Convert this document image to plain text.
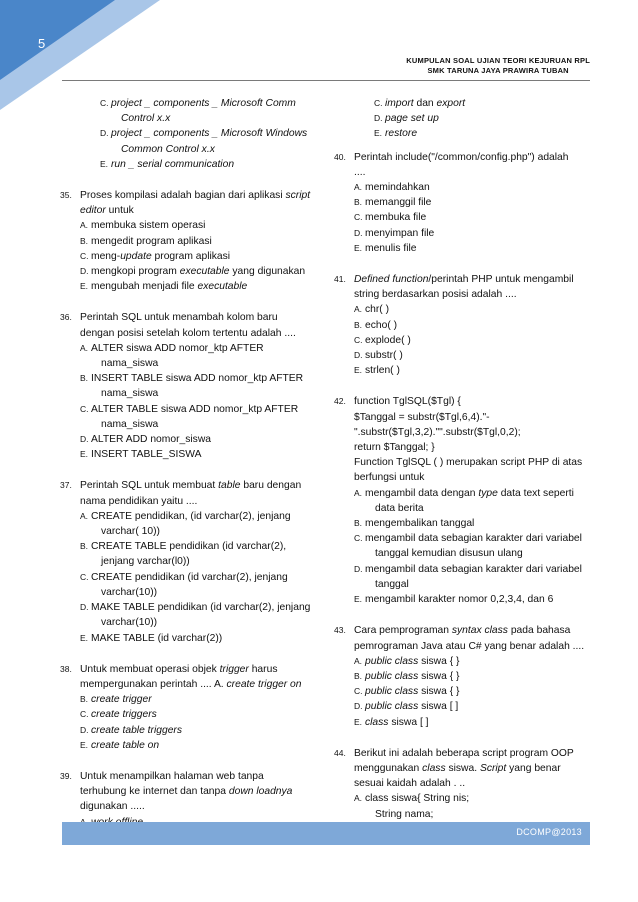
5
KUMPULAN SOAL UJIAN TEORI KEJURUAN RPL
SMK TARUNA JAYA PRAWIRA TUBAN
C. project _ components _ Microsoft Comm
Control x.x
D. project _ components _ Microsoft Windows
Common Control x.x
E. run _ serial communication
35. Proses kompilasi adalah bagian dari aplikasi script
editor untuk
A. membuka sistem operasi
B. mengedit program aplikasi
C. meng-update program aplikasi
D. mengkopi program executable yang digunakan
E. mengubah menjadi file executable
36. Perintah SQL untuk menambah kolom baru
dengan posisi setelah kolom tertentu adalah ....
A. ALTER siswa ADD nomor_ktp AFTER
nama_siswa
B. INSERT TABLE siswa ADD nomor_ktp AFTER
nama_siswa
C. ALTER TABLE siswa ADD nomor_ktp AFTER
nama_siswa
D. ALTER ADD nomor_siswa
E. INSERT TABLE_SISWA
37. Perintah SQL untuk membuat table baru dengan
nama pendidikan yaitu ....
A. CREATE pendidikan, (id varchar(2), jenjang
varchar( 10))
B. CREATE TABLE pendidikan (id varchar(2),
jenjang varchar(l0))
C. CREATE pendidikan (id varchar(2), jenjang
varchar(10))
D. MAKE TABLE pendidikan (id varchar(2), jenjang
varchar(10))
E. MAKE TABLE (id varchar(2))
38. Untuk membuat operasi objek trigger harus
mempergunakan perintah .... A. create trigger on
B. create trigger
C. create triggers
D. create table triggers
E. create table on
39. Untuk menampilkan halaman web tanpa
terhubung ke internet dan tanpa down loadnya
digunakan .....
C. import dan export
D. page set up
E. restore
40. Perintah include("/common/config.php") adalah
....
A. memindahkan
B. memanggil file
C. membuka file
D. menyimpan file
E. menulis file
41. Defined function/perintah PHP untuk mengambil
string berdasarkan posisi adalah ....
A. chr( )
B. echo( )
C. explode( )
D. substr( )
E. strlen( )
42. function TglSQL($Tgl) {
$Tanggal = substr($Tgl,6,4)."-
".substr($Tgl,3,2)."".substr($Tgl,0,2);
return $Tanggal; }
Function TglSQL ( ) merupakan script PHP di atas
berfungsi untuk
A. mengambil data dengan type data text seperti
data berita
B. mengembalikan tanggal
C. mengambil data sebagian karakter dari variabel
tanggal kemudian disusun ulang
D. mengambil data sebagian karakter dari variabel
tanggal
E. mengambil karakter nomor 0,2,3,4, dan 6
43. Cara pemprograman syntax class pada bahasa
pemrograman Java atau C# yang benar adalah ....
A. public class siswa { }
B. public class siswa { }
C. public class siswa { }
D. public class siswa [ ]
E. class siswa [ ]
44. Berikut ini adalah beberapa script program OOP
menggunakan class siswa. Script yang benar
sesuai kaidah adalah . ..
A. class siswa{ String nis;
String nama;
DCOMP@2013
